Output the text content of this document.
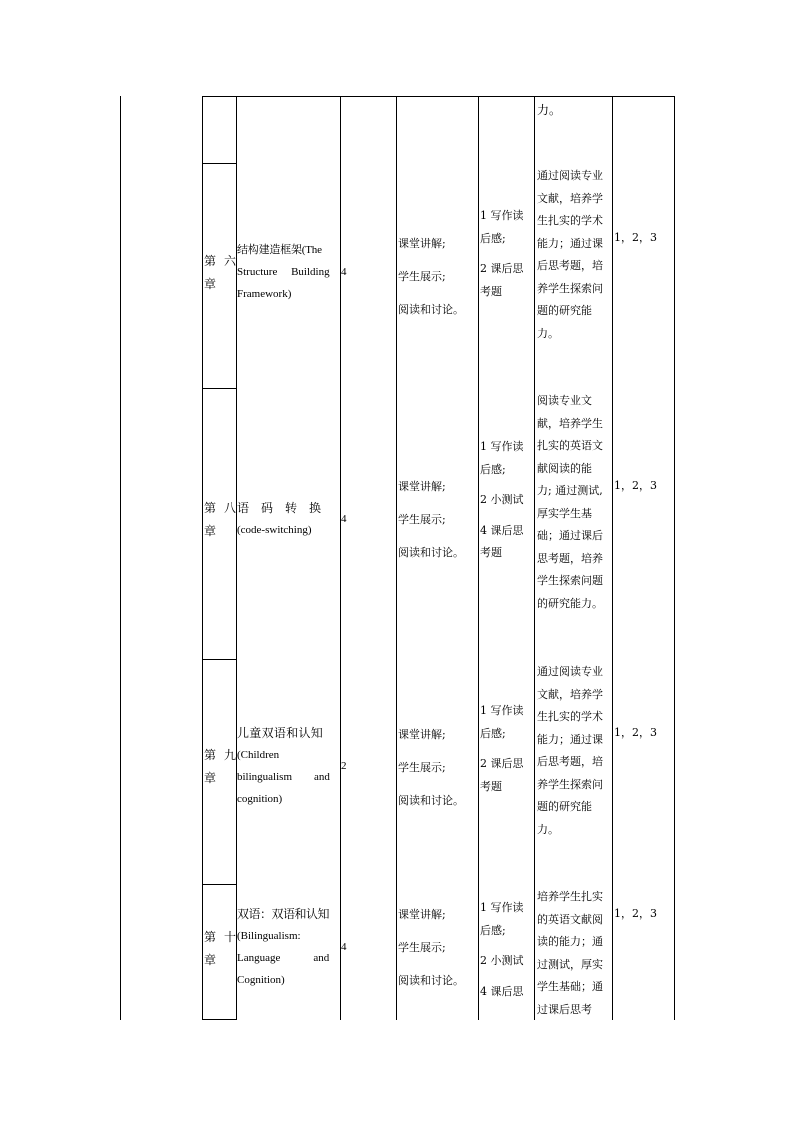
力。
第 六
章
结构建造框架(The
Structure     Building
Framework)
4
课堂讲解;
学生展示;
阅读和讨论。
1 写作读
后感;
2 课后思
考题
通过阅读专业
文献，培养学
生扎实的学术
能力；通过课
后思考题，培
养学生探索问
题的研究能
力。
1，2，3
第 八
章
语　码　转　换
(code-switching)
4
课堂讲解;
学生展示;
阅读和讨论。
1 写作读
后感;
2 小测试
4 课后思
考题
阅读专业文
献，培养学生
扎实的英语文
献阅读的能
力; 通过测试,
厚实学生基
础；通过课后
思考题，培养
学生探索问题
的研究能力。
1，2，3
第 九
章
儿童双语和认知
(Children
bilingualism        and
cognition)
2
课堂讲解;
学生展示;
阅读和讨论。
1 写作读
后感;
2 课后思
考题
通过阅读专业
文献，培养学
生扎实的学术
能力；通过课
后思考题，培
养学生探索问
题的研究能
力。
1，2，3
第 十
章
双语：双语和认知
(Bilingualism:
Language            and
Cognition)
4
课堂讲解;
学生展示;
阅读和讨论。
1 写作读
后感;
2 小测试
4 课后思
培养学生扎实
的英语文献阅
读的能力；通
过测试，厚实
学生基础；通
过课后思考
1，2，3
